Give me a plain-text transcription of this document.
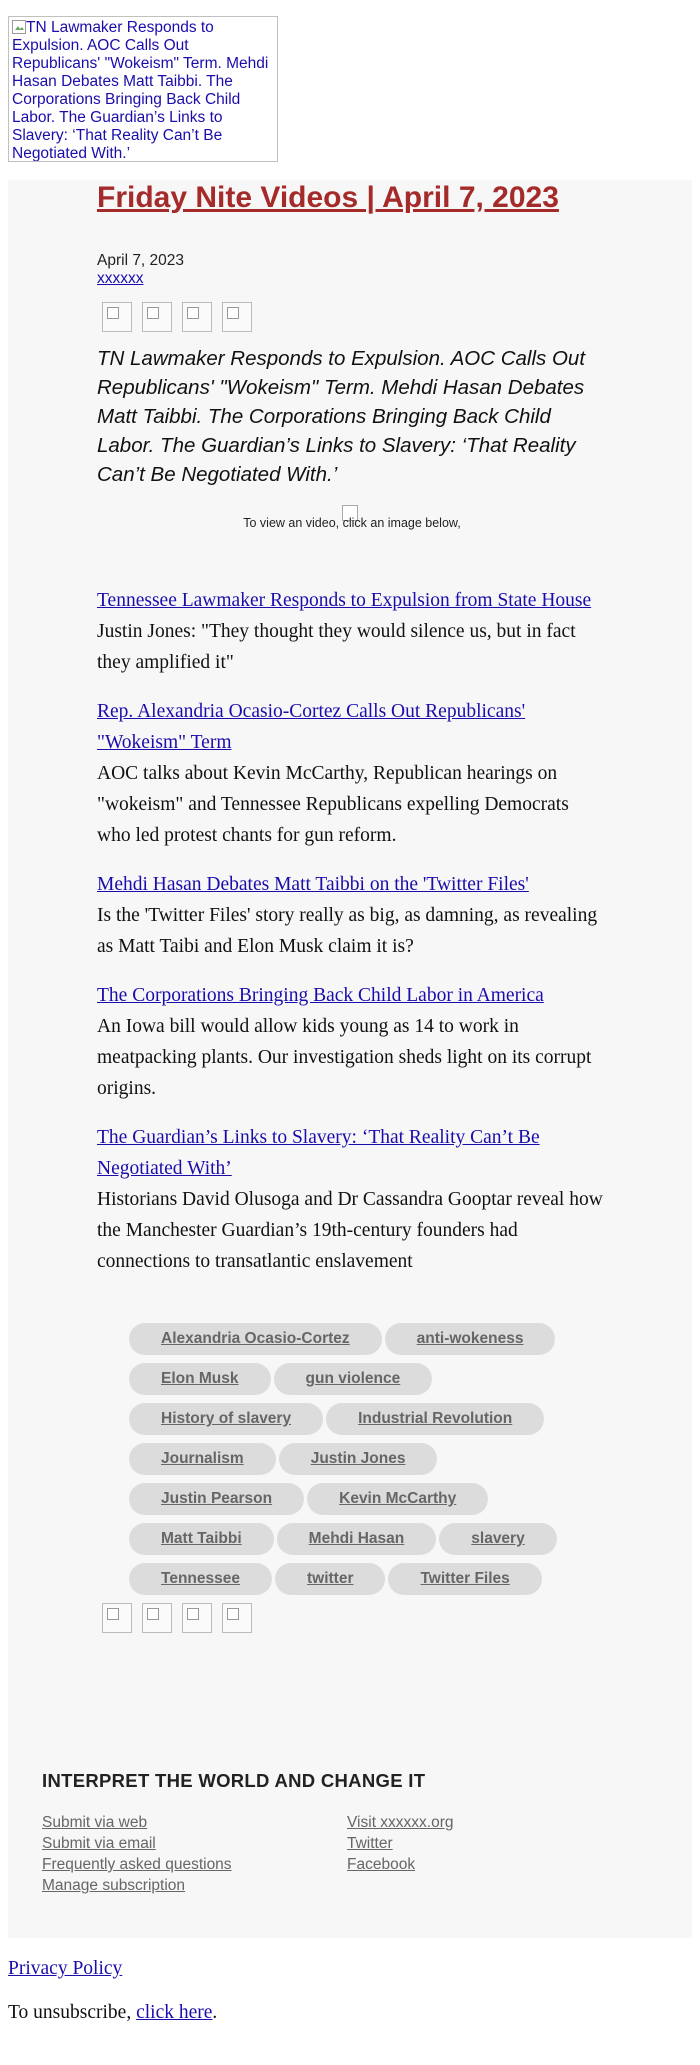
TN Lawmaker Responds to Expulsion. AOC Calls Out Republicans' "Wokeism" Term. Mehdi Hasan Debates Matt Taibbi. The Corporations Bringing Back Child Labor. The Guardian’s Links to Slavery: ‘That Reality Can’t Be Negotiated With.’
Friday Nite Videos | April 7, 2023
April 7, 2023
xxxxxx
TN Lawmaker Responds to Expulsion. AOC Calls Out Republicans' "Wokeism" Term. Mehdi Hasan Debates Matt Taibbi. The Corporations Bringing Back Child Labor. The Guardian’s Links to Slavery: ‘That Reality Can’t Be Negotiated With.’
To view an video, click an image below,
Tennessee Lawmaker Responds to Expulsion from State House

Justin Jones: "They thought they would silence us, but in fact they amplified it"

Rep. Alexandria Ocasio-Cortez Calls Out Republicans' "Wokeism" Term

AOC talks about Kevin McCarthy, Republican hearings on "wokeism" and Tennessee Republicans expelling Democrats who led protest chants for gun reform.

Mehdi Hasan Debates Matt Taibbi on the 'Twitter Files'

Is the 'Twitter Files' story really as big, as damning, as revealing as Matt Taibi and Elon Musk claim it is?

The Corporations Bringing Back Child Labor in America

An Iowa bill would allow kids young as 14 to work in meatpacking plants. Our investigation sheds light on its corrupt origins.

The Guardian’s Links to Slavery: ‘That Reality Can’t Be Negotiated With’

Historians David Olusoga and Dr Cassandra Gooptar reveal how the Manchester Guardian’s 19th-century founders had connections to transatlantic enslavement

Alexandria Ocasio-Cortez	anti-wokeness Elon Musk	gun violence History of slavery	Industrial Revolution Journalism	Justin Jones Justin Pearson	Kevin McCarthy Matt Taibbi	Mehdi Hasan	slavery Tennessee	twitter	Twitter Files
INTERPRET THE WORLD AND CHANGE IT
Submit via web
Submit via email
Frequently asked questions
Manage subscription
Visit xxxxxx.org
Twitter
Facebook
Privacy Policy
To unsubscribe, click here.
